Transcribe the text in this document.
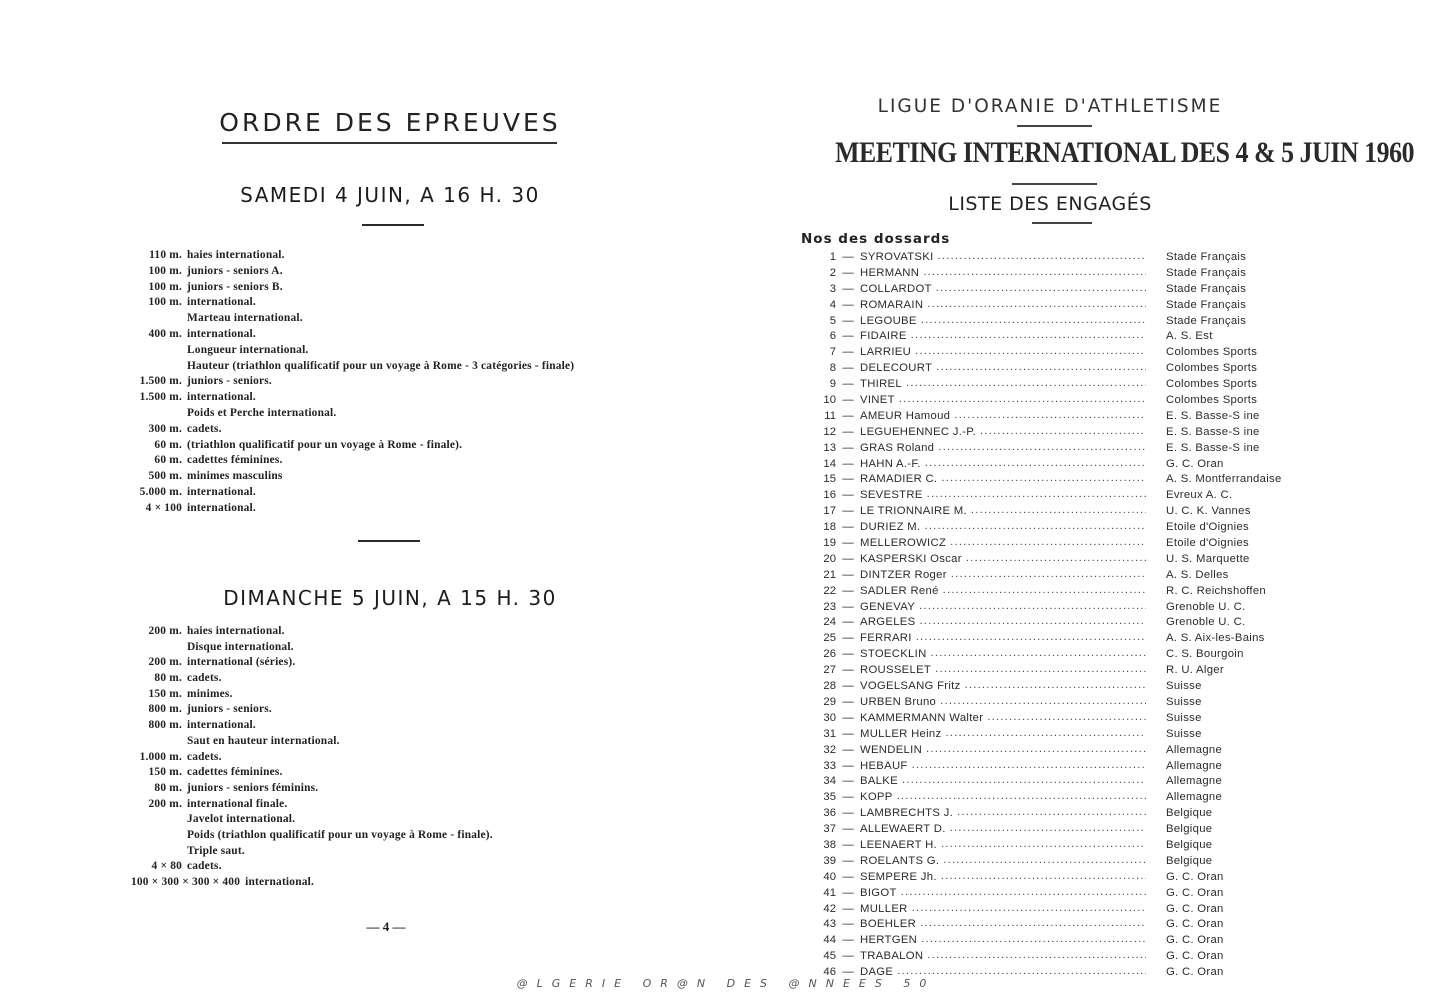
ORDRE DES EPREUVES
SAMEDI 4 JUIN, A 16 H. 30
110 m. haies international.
100 m. juniors - seniors A.
100 m. juniors - seniors B.
100 m. international.
Marteau international.
400 m. international.
Longueur international.
Hauteur (triathlon qualificatif pour un voyage à Rome - 3 catégories - finale)
1.500 m. juniors - seniors.
1.500 m. international.
Poids et Perche international.
300 m. cadets.
60 m. (triathlon qualificatif pour un voyage à Rome - finale).
60 m. cadettes féminines.
500 m. minimes masculins
5.000 m. international.
4 × 100 international.
DIMANCHE 5 JUIN, A 15 H. 30
200 m. haies international.
Disque international.
200 m. international (séries).
80 m. cadets.
150 m. minimes.
800 m. juniors - seniors.
800 m. international.
Saut en hauteur international.
1.000 m. cadets.
150 m. cadettes féminines.
80 m. juniors - seniors féminins.
200 m. international finale.
Javelot international.
Poids (triathlon qualificatif pour un voyage à Rome - finale).
Triple saut.
4 × 80 cadets.
100 × 300 × 300 × 400 international.
— 4 —
LIGUE D'ORANIE D'ATHLETISME
MEETING INTERNATIONAL DES 4 & 5 JUIN 1960
LISTE DES ENGAGÉS
Nos des dossards
1 — SYROVATSKI .....	Stade Français
2 — HERMANN .....	Stade Français
3 — COLLARDOT .....	Stade Français
4 — ROMARAIN .....	Stade Français
5 — LEGOUBE .....	Stade Français
6 — FIDAIRE .....	A. S. Est
7 — LARRIEU .....	Colombes Sports
8 — DELECOURT .....	Colombes Sports
9 — THIREL .....	Colombes Sports
10 — VINET .....	Colombes Sports
11 — AMEUR Hamoud .....	E. S. Basse-S ine
12 — LEGUEHENNEC J.-P. .....	E. S. Basse-S ine
13 — GRAS Roland .....	E. S. Basse-S ine
14 — HAHN A.-F. .....	G. C. Oran
15 — RAMADIER C. .....	A. S. Montferrandaise
16 — SEVESTRE .....	Evreux A. C.
17 — LE TRIONNAIRE M. .....	U. C. K. Vannes
18 — DURIEZ M. .....	Etoile d'Oignies
19 — MELLEROWICZ .....	Etoile d'Oignies
20 — KASPERSKI Oscar .....	U. S. Marquette
21 — DINTZER Roger .....	A. S. Delles
22 — SADLER René .....	R. C. Reichshoffen
23 — GENEVAY .....	Grenoble U. C.
24 — ARGELES .....	Grenoble U. C.
25 — FERRARI .....	A. S. Aix-les-Bains
26 — STOECKLIN .....	C. S. Bourgoin
27 — ROUSSELET .....	R. U. Alger
28 — VOGELSANG Fritz .....	Suisse
29 — URBEN Bruno .....	Suisse
30 — KAMMERMANN Walter .....	Suisse
31 — MULLER Heinz .....	Suisse
32 — WENDELIN .....	Allemagne
33 — HEBAUF .....	Allemagne
34 — BALKE .....	Allemagne
35 — KOPP .....	Allemagne
36 — LAMBRECHTS J. .....	Belgique
37 — ALLEWAERT D. .....	Belgique
38 — LEENAERT H. .....	Belgique
39 — ROELANTS G. .....	Belgique
40 — SEMPERE Jh. .....	G. C. Oran
41 — BIGOT .....	G. C. Oran
42 — MULLER .....	G. C. Oran
43 — BOEHLER .....	G. C. Oran
44 — HERTGEN .....	G. C. Oran
45 — TRABALON .....	G. C. Oran
46 — DAGE .....	G. C. Oran
@LGERIE OR@N DES @NNEES 50
